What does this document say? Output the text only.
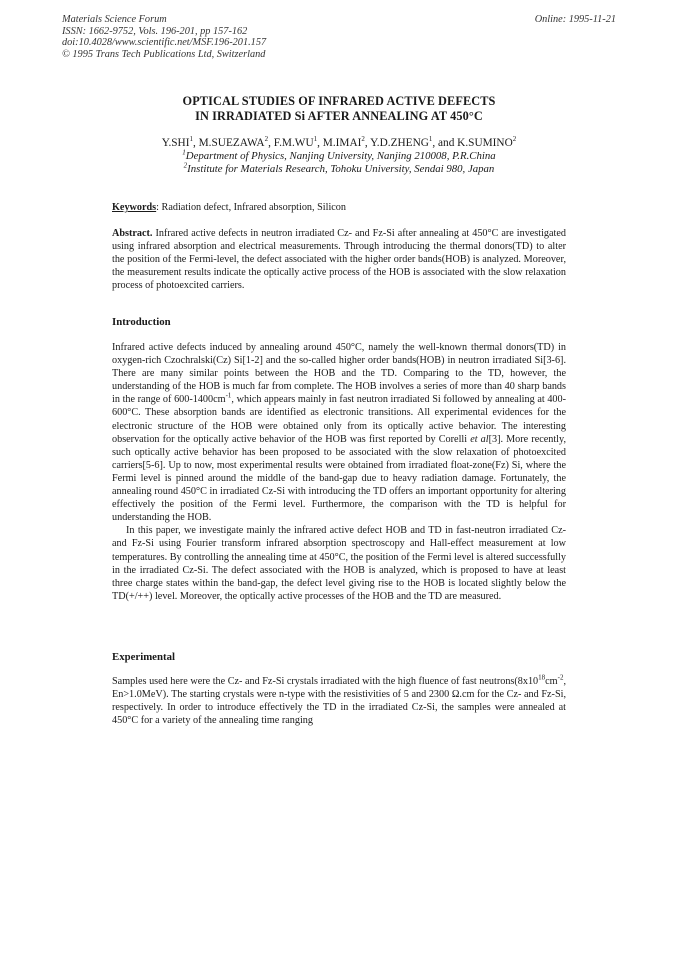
Materials Science Forum
ISSN: 1662-9752, Vols. 196-201, pp 157-162
doi:10.4028/www.scientific.net/MSF.196-201.157
© 1995 Trans Tech Publications Ltd, Switzerland
Online: 1995-11-21
OPTICAL STUDIES OF INFRARED ACTIVE DEFECTS
IN IRRADIATED Si AFTER ANNEALING AT 450°C
Y.SHI$^1$, M.SUEZAWA$^2$, $F.M.WU^1$, M.IMAI$^2$, Y.D.ZHENG$^1$, and K.SUMINO$^2$
$^1$Department of Physics, Nanjing University, Nanjing 210008, P.R.China
$^2$Institute for Materials Research, Tohoku University, Sendai 980, Japan
Keywords: Radiation defect, Infrared absorption, Silicon
Abstract. Infrared active defects in neutron irradiated Cz- and Fz-Si after annealing at 450°C are investigated using infrared absorption and electrical measurements. Through introducing the thermal donors(TD) to alter the position of the Fermi-level, the defect associated with the higher order bands(HOB) is analyzed. Moreover, the measurement results indicate the optically active process of the HOB is associated with the slow relaxation process of photoexcited carriers.
Introduction
Infrared active defects induced by annealing around 450°C, namely the well-known thermal donors(TD) in oxygen-rich Czochralski(Cz) Si[1-2] and the so-called higher order bands(HOB) in neutron irradiated Si[3-6]. There are many similar points between the HOB and the TD. Comparing to the TD, however, the understanding of the HOB is much far from complete. The HOB involves a series of more than 40 sharp bands in the range of $600-1400cm^{-1}$, which appears mainly in fast neutron irradiated Si followed by annealing at 400-600°C. These absorption bands are identified as electronic transitions. All experimental evidences for the electronic structure of the HOB were obtained only from its optically active behavior. The interesting observation for the optically active behavior of the HOB was first reported by Corelli et al[3]. More recently, such optically active behavior has been proposed to be associated with the slow relaxation of photoexcited carriers[5-6]. Up to now, most experimental results were obtained from irradiated float-zone(Fz) Si, where the Fermi level is pinned around the middle of the band-gap due to heavy radiation damage. Fortunately, the annealing round 450°C in irradiated Cz-Si with introducing the TD offers an important opportunity for altering effectively the position of the Fermi level. Furthermore, the comparison with the TD is helpful for understanding the HOB.
In this paper, we investigate mainly the infrared active defect HOB and TD in fast-neutron irradiated Cz- and Fz-Si using Fourier transform infrared absorption spectroscopy and Hall-effect measurement at low temperatures. By controlling the annealing time at 450°C, the position of the Fermi level is altered successfully in the irradiated Cz-Si. The defect associated with the HOB is analyzed, which is proposed to have at least three charge states within the band-gap, the defect level giving rise to the HOB is located slightly below the TD(+/++) level. Moreover, the optically active processes of the HOB and the TD are measured.
Experimental
Samples used here were the Cz- and Fz-Si crystals irradiated with the high fluence of fast $neutrons(8x10^{18}cm^{-2}$, En>1.0MeV). The starting crystals were n-type with the resistivities of 5 and 2300 Ω.cm for the Cz- and Fz-Si, respectively. In order to introduce effectively the TD in the irradiated Cz-Si, the samples were annealed at 450°C for a variety of the annealing time ranging
